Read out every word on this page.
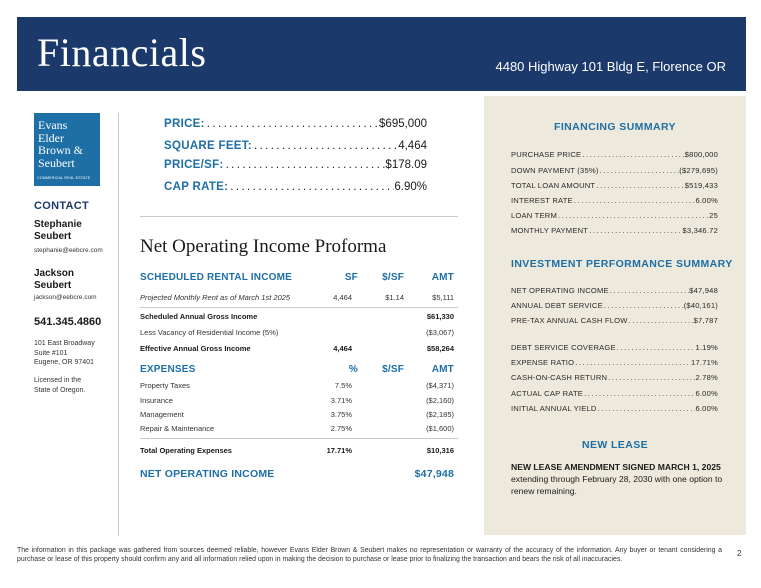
Financials	4480 Highway 101 Bldg E, Florence OR
Evans
Elder
Brown &
Seubert
COMMERCIAL REAL ESTATE
CONTACT
Stephanie Seubert
stephanie@eebcre.com
Jackson Seubert
jackson@eebcre.com
541.345.4860
101 East Broadway
Suite #101
Eugene, OR 97401
Licensed in the
State of Oregon.
PRICE: .....	$695,000
SQUARE FEET: .....	4,464
PRICE/SF: .....	$178.09
CAP RATE: .....	6.90%
Net Operating Income Proforma
SCHEDULED RENTAL INCOME	SF $/SF	AMT
Projected Monthly Rent as of March 1st 2025	4,464	$1.14	$5,111
Scheduled Annual Gross Income	$61,330
Less Vacancy of Residential Income (5%)	($3,067)
Effective Annual Gross Income	4,464	$58,264
EXPENSES	% $/SF	AMT
Property Taxes	7.5%	($4,371)
Insurance	3.71%	($2,160)
Management	3.75%	($2,185)
Repair & Maintenance	2.75%	($1,600)
Total Operating Expenses	17.71%	$10,316
NET OPERATING INCOME	$47,948
FINANCING SUMMARY
PURCHASE PRICE .....	$800,000
DOWN PAYMENT (35%) .....	($279,695)
TOTAL LOAN AMOUNT .....	$519,433
INTEREST RATE .....	6.00%
LOAN TERM .....	25
MONTHLY PAYMENT .....	$3,346.72
INVESTMENT PERFORMANCE SUMMARY
NET OPERATING INCOME .....	$47,948
ANNUAL DEBT SERVICE .....	($40,161)
PRE-TAX ANNUAL CASH FLOW .....	$7,787
DEBT SERVICE COVERAGE .....	1.19%
EXPENSE RATIO .....	17.71%
CASH-ON-CASH RETURN .....	2.78%
ACTUAL CAP RATE .....	6.00%
INITIAL ANNUAL YIELD .....	6.00%
NEW LEASE
NEW LEASE AMENDMENT SIGNED MARCH 1, 2025
extending through February 28, 2030 with one option to renew remaining.
The information in this package was gathered from sources deemed reliable, however Evans Elder Brown & Seubert makes no representation or warranty of the accuracy of the information. Any buyer or tenant considering a purchase or lease of this property should confirm any and all information relied upon in making the decision to purchase or lease prior to finalizing the transaction and bears the risk of all inaccuracies.
2
